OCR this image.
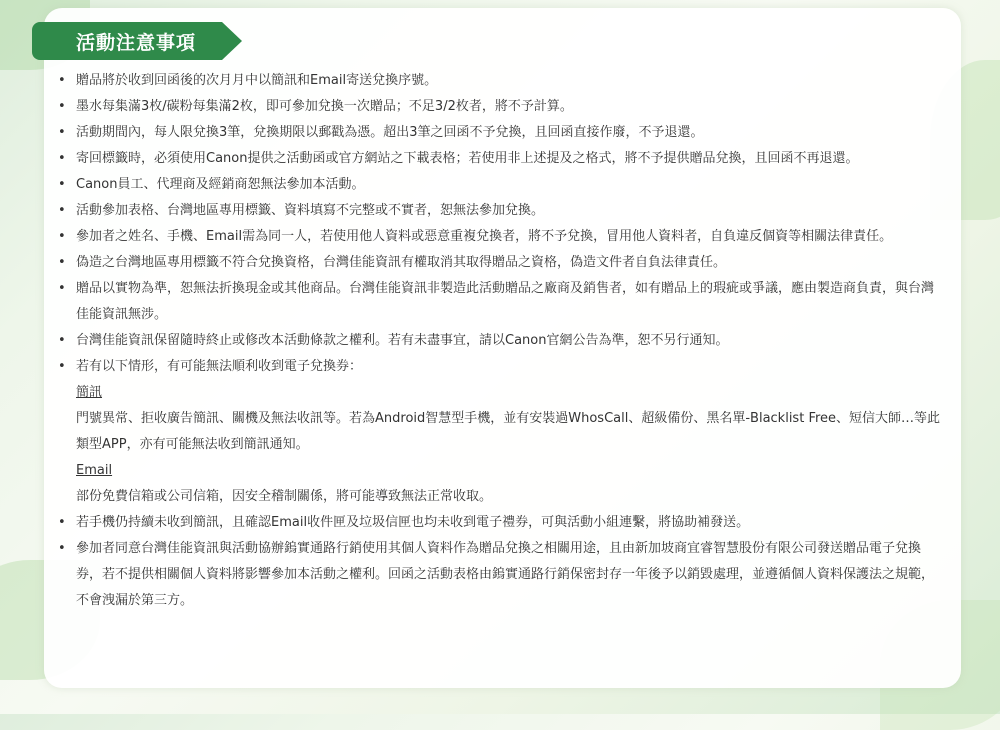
活動注意事項
• 贈品將於收到回函後的次月月中以簡訊和Email寄送兌換序號。
• 墨水每集滿3枚/碳粉每集滿2枚，即可參加兌換一次贈品；不足3/2枚者，將不予計算。
• 活動期間內，每人限兌換3筆，兌換期限以郵戳為憑。超出3筆之回函不予兌換，且回函直接作廢，不予退還。
• 寄回標籤時，必須使用Canon提供之活動函或官方網站之下載表格；若使用非上述提及之格式，將不予提供贈品兌換，且回函不再退還。
• Canon員工、代理商及經銷商恕無法參加本活動。
• 活動參加表格、台灣地區專用標籤、資料填寫不完整或不實者，恕無法參加兌換。
• 參加者之姓名、手機、Email需為同一人，若使用他人資料或惡意重複兌換者，將不予兌換，冒用他人資料者，自負違反個資等相關法律責任。
• 偽造之台灣地區專用標籤不符合兌換資格，台灣佳能資訊有權取消其取得贈品之資格，偽造文件者自負法律責任。
• 贈品以實物為準，恕無法折換現金或其他商品。台灣佳能資訊非製造此活動贈品之廠商及銷售者，如有贈品上的瑕疵或爭議，應由製造商負責，與台灣佳能資訊無涉。
• 台灣佳能資訊保留隨時終止或修改本活動條款之權利。若有未盡事宜，請以Canon官網公告為準，恕不另行通知。
• 若有以下情形，有可能無法順利收到電子兌換券：
簡訊
門號異常、拒收廣告簡訊、關機及無法收訊等。若為Android智慧型手機，並有安裝過WhosCall、超級備份、黑名單-Blacklist Free、短信大師…等此類型APP，亦有可能無法收到簡訊通知。
Email
部份免費信箱或公司信箱，因安全稽制關係，將可能導致無法正常收取。
• 若手機仍持續未收到簡訊，且確認Email收件匣及垃圾信匣也均未收到電子禮券，可與活動小組連繫，將協助補發送。
• 參加者同意台灣佳能資訊與活動協辦鎢實通路行銷使用其個人資料作為贈品兌換之相關用途，且由新加坡商宜睿智慧股份有限公司發送贈品電子兌換券，若不提供相關個人資料將影響參加本活動之權利。回函之活動表格由鎢實通路行銷保密封存一年後予以銷毀處理，並遵循個人資料保護法之規範，不會洩漏於第三方。
